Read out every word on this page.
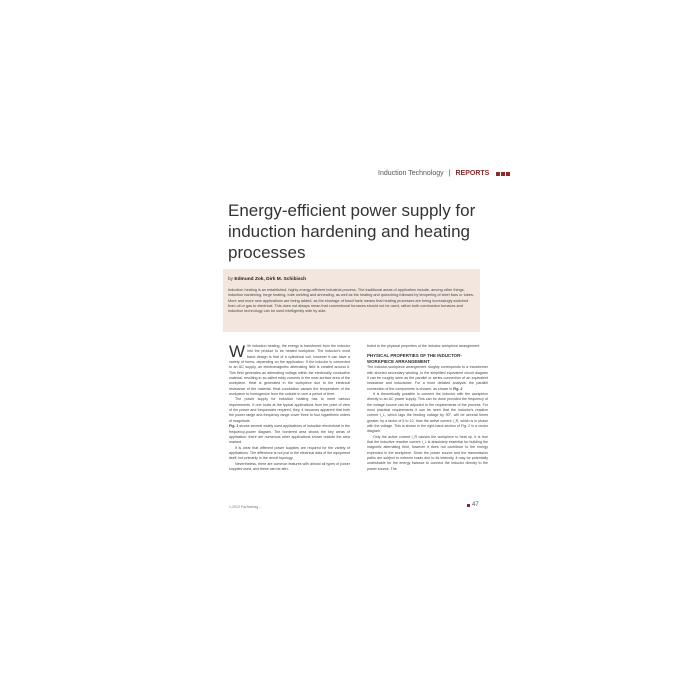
Induction Technology | REPORTS
Energy-efficient power supply for induction hardening and heating processes
by Edmund Zok, Dirk M. Schibisch

Induction heating is an established, highly energy-efficient industrial process. The traditional areas of application include, among other things, induction hardening, forge heating, tube welding and annealing, as well as the heating and quenching followed by tempering of steel bars or tubes. More and more new applications are being added, as the shortage of fossil fuels means that heating processes are being increasingly switched from oil or gas to electrical. This does not always mean that conventional furnaces should not be used, rather both combustion furnaces and induction technology can be used intelligently side by side.

W ith induction heating, the energy is transferred from the inductor into the product to be heated workpiece. The inductor's most basic design is that of a cylindrical coil, however it can have a variety of forms, depending on the application. If the inductor is connected to an AC supply, an electromagnetic alternating field is created around it. This field generates an alternating voltage within the electrically conductive material, resulting in so-called eddy currents in the near-surface area of the workpiece. Heat is generated in the workpiece due to the electrical resistance of the material. Heat conduction causes the temperature of the workpiece to homogenize from the outside in over a period of time.

The power supply for induction heating has to meet various requirements. If one looks at the typical applications from the point of view of the power and frequencies required, they, it becomes apparent that both the power range and frequency range cover three to four logarithmic orders of magnitude.

Fig. 1 shows several widely used applications of induction electroheat in the frequency-power diagram. The bordered area shows the key areas of application; there are numerous other applications shown outside the area marked.

It is clear that different power supplies are required for the variety of applications. The difference is not just in the electrical data of the equipment itself, but primarily in the circuit topology.

Nevertheless, there are common features with almost all types of power supplies used, and these can be attri-

buted to the physical properties of the inductor workpiece arrangement.

PHYSICAL PROPERTIES OF THE INDUCTOR-WORKPIECE ARRANGEMENT

The inductor-workpiece arrangement roughly corresponds to a transformer with shorted secondary winding. In the simplified equivalent circuit diagram it can be roughly seen as the parallel or series connection of an equivalent resistance and inductance. For a more detailed analysis, the parallel connection of the components is chosen, as shown in Fig. 2

It is theoretically possible to connect the inductor with the workpiece directly to an AC power supply. This can be done provided the frequency of the voltage source can be adjusted to the requirements of the process. For most practical requirements it can be seen that the inductor's reactive current I_L, which lags the feeding voltage by 90°, will be several times greater, by a factor of 5 to 10, than the active current I_R, which is in phase with the voltage. This is shown in the right-hand section of Fig. 2 in a vector diagram.

Only the active current I_R causes the workpiece to heat up. It is true that the inductive reactive current I_L is absolutely essential for building the magnetic alternating field, however it does not contribute to the energy expended in the workpiece. Since the power source and the transmission paths are subject to extreme loads due to its intensity, it may be potentially undesirable for the energy balance to connect the inductor directly to the power source. The

1-2010 Fachverlag ...	47
